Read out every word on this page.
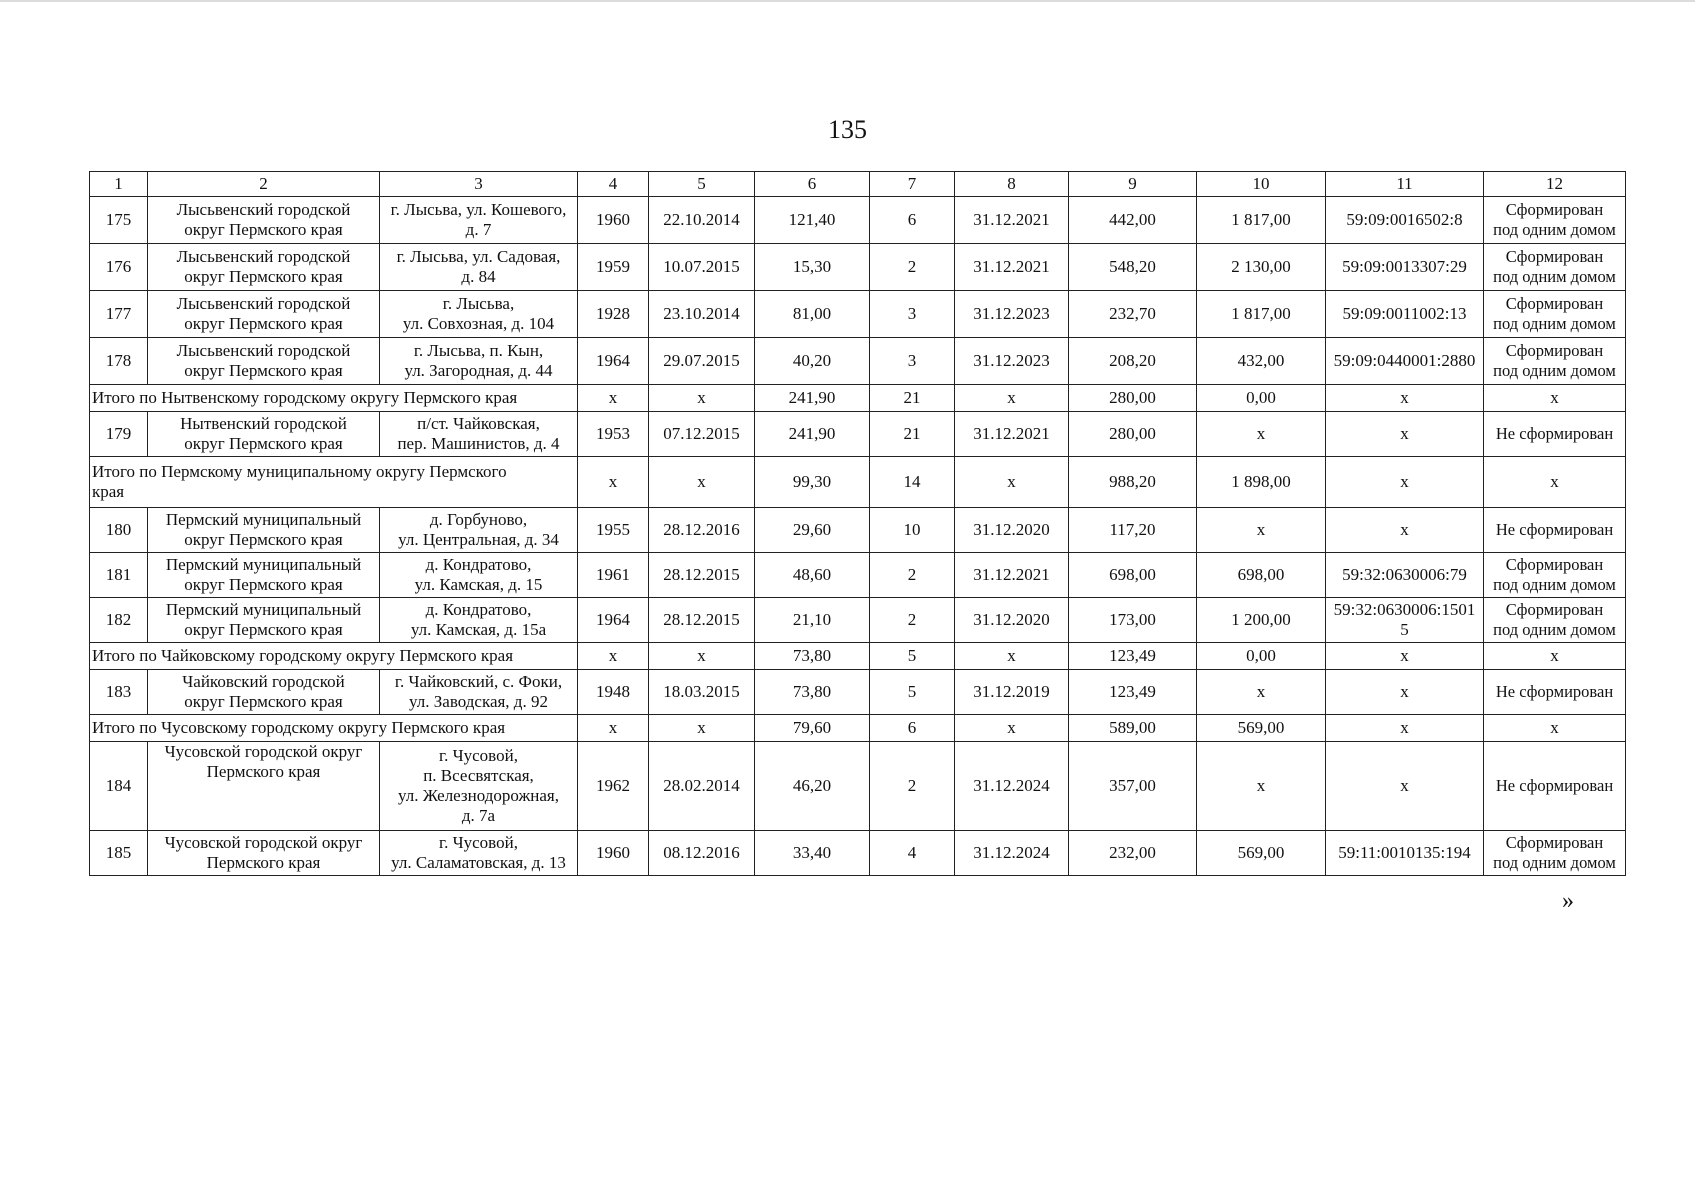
135
1	2	3	4	5	6	7	8	9	10	11	12
175	Лысьвенский городской
округ Пермского края	г. Лысьва, ул. Кошевого,
д. 7	1960	22.10.2014	121,40	6	31.12.2021	442,00	1 817,00	59:09:0016502:8	Сформирован
под одним домом
176	Лысьвенский городской
округ Пермского края	г. Лысьва, ул. Садовая,
д. 84	1959	10.07.2015	15,30	2	31.12.2021	548,20	2 130,00	59:09:0013307:29	Сформирован
под одним домом
177	Лысьвенский городской
округ Пермского края	г. Лысьва,
ул. Совхозная, д. 104	1928	23.10.2014	81,00	3	31.12.2023	232,70	1 817,00	59:09:0011002:13	Сформирован
под одним домом
178	Лысьвенский городской
округ Пермского края	г. Лысьва, п. Кын,
ул. Загородная, д. 44	1964	29.07.2015	40,20	3	31.12.2023	208,20	432,00	59:09:0440001:2880	Сформирован
под одним домом
Итого по Нытвенскому городскому округу Пермского края			х	х	241,90	21	х	280,00	0,00	х	х
179	Нытвенский городской
округ Пермского края	п/ст. Чайковская,
пер. Машинистов, д. 4	1953	07.12.2015	241,90	21	31.12.2021	280,00	х	х	Не сформирован
Итого по Пермскому муниципальному округу Пермского
края			х	х	99,30	14	х	988,20	1 898,00	х	х
180	Пермский муниципальный
округ Пермского края	д. Горбуново,
ул. Центральная, д. 34	1955	28.12.2016	29,60	10	31.12.2020	117,20	х	х	Не сформирован
181	Пермский муниципальный
округ Пермского края	д. Кондратово,
ул. Камская, д. 15	1961	28.12.2015	48,60	2	31.12.2021	698,00	698,00	59:32:0630006:79	Сформирован
под одним домом
182	Пермский муниципальный
округ Пермского края	д. Кондратово,
ул. Камская, д. 15а	1964	28.12.2015	21,10	2	31.12.2020	173,00	1 200,00	59:32:0630006:1501
5	Сформирован
под одним домом
Итого по Чайковскому городскому округу Пермского края			х	х	73,80	5	х	123,49	0,00	х	х
183	Чайковский городской
округ Пермского края	г. Чайковский, с. Фоки,
ул. Заводская, д. 92	1948	18.03.2015	73,80	5	31.12.2019	123,49	х	х	Не сформирован
Итого по Чусовскому городскому округу Пермского края			х	х	79,60	6	х	589,00	569,00	х	х
184	Чусовской городской округ
Пермского края	г. Чусовой,
п. Всесвятская,
ул. Железнодорожная,
д. 7а	1962	28.02.2014	46,20	2	31.12.2024	357,00	х	х	Не сформирован
185	Чусовской городской округ
Пермского края	г. Чусовой,
ул. Саламатовская, д. 13	1960	08.12.2016	33,40	4	31.12.2024	232,00	569,00	59:11:0010135:194	Сформирован
под одним домом
»
